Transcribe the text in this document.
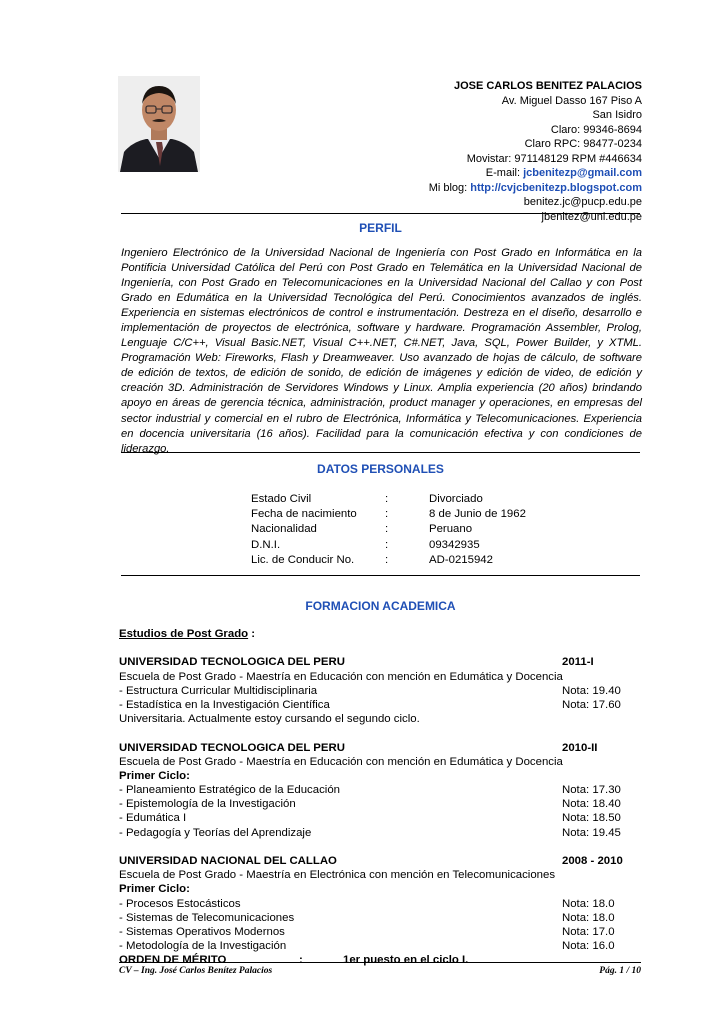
JOSE CARLOS BENITEZ PALACIOS
Av. Miguel Dasso 167 Piso A
San Isidro
Claro: 99346-8694
Claro RPC: 98477-0234
Movistar: 971148129 RPM #446634
E-mail: jcbenitezp@gmail.com
Mi blog: http://cvjcbenitezp.blogspot.com
benitez.jc@pucp.edu.pe
jbenitez@uni.edu.pe
PERFIL
Ingeniero Electrónico de la Universidad Nacional de Ingeniería con Post Grado en Informática en la Pontificia Universidad Católica del Perú con Post Grado en Telemática en la Universidad Nacional de Ingeniería, con Post Grado en Telecomunicaciones en la Universidad Nacional del Callao y con Post Grado en Edumática en la Universidad Tecnológica del Perú. Conocimientos avanzados de inglés. Experiencia en sistemas electrónicos de control e instrumentación. Destreza en el diseño, desarrollo e implementación de proyectos de electrónica, software y hardware. Programación Assembler, Prolog, Lenguaje C/C++, Visual Basic.NET, Visual C++.NET, C#.NET, Java, SQL, Power Builder, y XTML. Programación Web: Fireworks, Flash y Dreamweaver. Uso avanzado de hojas de cálculo, de software de edición de textos, de edición de sonido, de edición de imágenes y edición de video, de edición y creación 3D. Administración de Servidores Windows y Linux. Amplia experiencia (20 años) brindando apoyo en áreas de gerencia técnica, administración, product manager y operaciones, en empresas del sector industrial y comercial en el rubro de Electrónica, Informática y Telecomunicaciones. Experiencia en docencia universitaria (16 años). Facilidad para la comunicación efectiva y con condiciones de liderazgo.
DATOS PERSONALES
Estado Civil	:	Divorciado
Fecha de nacimiento :	8 de Junio de 1962
Nacionalidad	:	Peruano
D.N.I.	:	09342935
Lic. de Conducir No.	:	AD-0215942
FORMACION ACADEMICA
Estudios de Post Grado :
UNIVERSIDAD TECNOLOGICA DEL PERU	2011-I
Escuela de Post Grado - Maestría en Educación con mención en Edumática y Docencia
- Estructura Curricular Multidisciplinaria	Nota: 19.40
- Estadística en la Investigación Científica	Nota: 17.60
Universitaria. Actualmente estoy cursando el segundo ciclo.
UNIVERSIDAD TECNOLOGICA DEL PERU	2010-II
Escuela de Post Grado - Maestría en Educación con mención en Edumática y Docencia
Primer Ciclo:
- Planeamiento Estratégico de la Educación	Nota: 17.30
- Epistemología de la Investigación	Nota: 18.40
- Edumática I	Nota: 18.50
- Pedagogía y Teorías del Aprendizaje	Nota: 19.45
UNIVERSIDAD NACIONAL DEL CALLAO	2008 - 2010
Escuela de Post Grado - Maestría en Electrónica con mención en Telecomunicaciones
Primer Ciclo:
- Procesos Estocásticos	Nota: 18.0
- Sistemas de Telecomunicaciones	Nota: 18.0
- Sistemas Operativos Modernos	Nota: 17.0
- Metodología de la Investigación	Nota: 16.0
ORDEN DE MÉRITO	:	1er puesto en el ciclo I.
CV – Ing. José Carlos Benítez Palacios	Pág. 1 / 10
